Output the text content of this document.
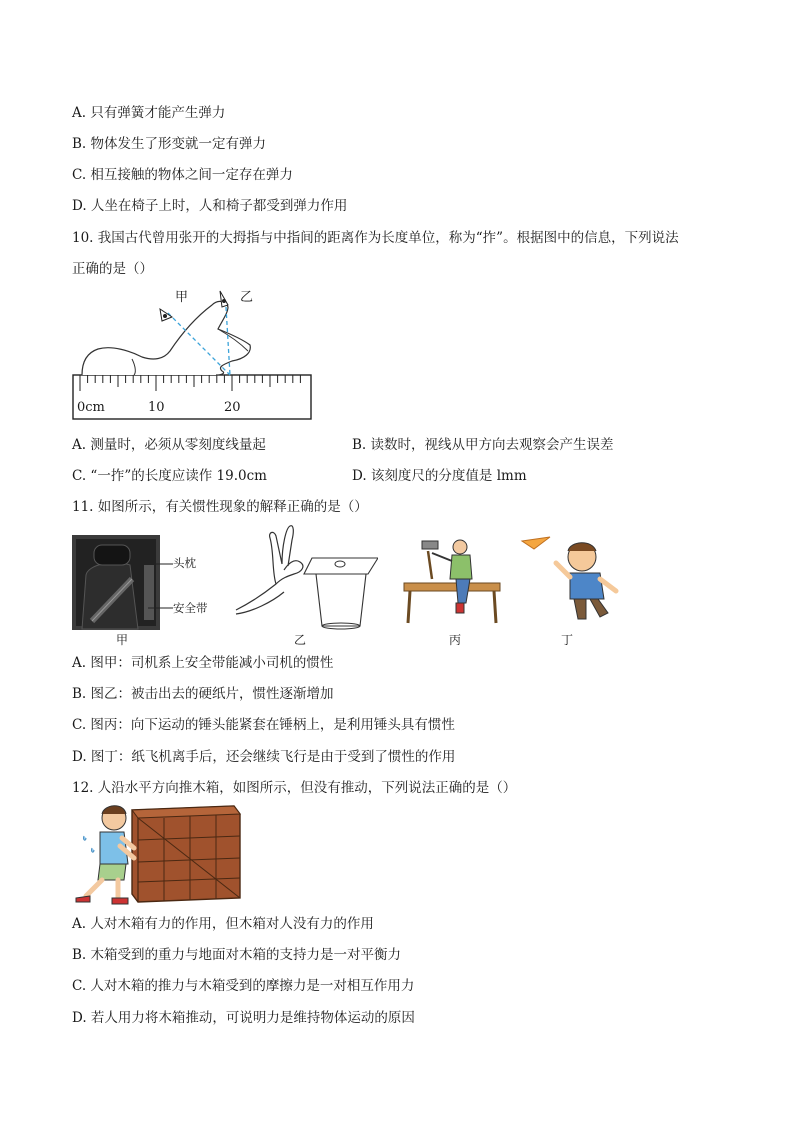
A. 只有弹簧才能产生弹力
B. 物体发生了形变就一定有弹力
C. 相互接触的物体之间一定存在弹力
D. 人坐在椅子上时，人和椅子都受到弹力作用
10. 我国古代曾用张开的大拇指与中指间的距离作为长度单位，称为“拃”。根据图中的信息，下列说法
正确的是（）
甲	乙
0cm	10	20
A. 测量时，必须从零刻度线量起	B. 读数时，视线从甲方向去观察会产生误差
C. “一拃”的长度应读作 19.0cm	D. 该刻度尺的分度值是 lmm
11. 如图所示，有关惯性现象的解释正确的是（）
头枕
安全带
甲	乙	丙	丁
A. 图甲：司机系上安全带能减小司机的惯性
B. 图乙：被击出去的硬纸片，惯性逐渐增加
C. 图丙：向下运动的锤头能紧套在锤柄上，是利用锤头具有惯性
D. 图丁：纸飞机离手后，还会继续飞行是由于受到了惯性的作用
12. 人沿水平方向推木箱，如图所示，但没有推动，下列说法正确的是（）
A. 人对木箱有力的作用，但木箱对人没有力的作用
B. 木箱受到的重力与地面对木箱的支持力是一对平衡力
C. 人对木箱的推力与木箱受到的摩擦力是一对相互作用力
D. 若人用力将木箱推动，可说明力是维持物体运动的原因
